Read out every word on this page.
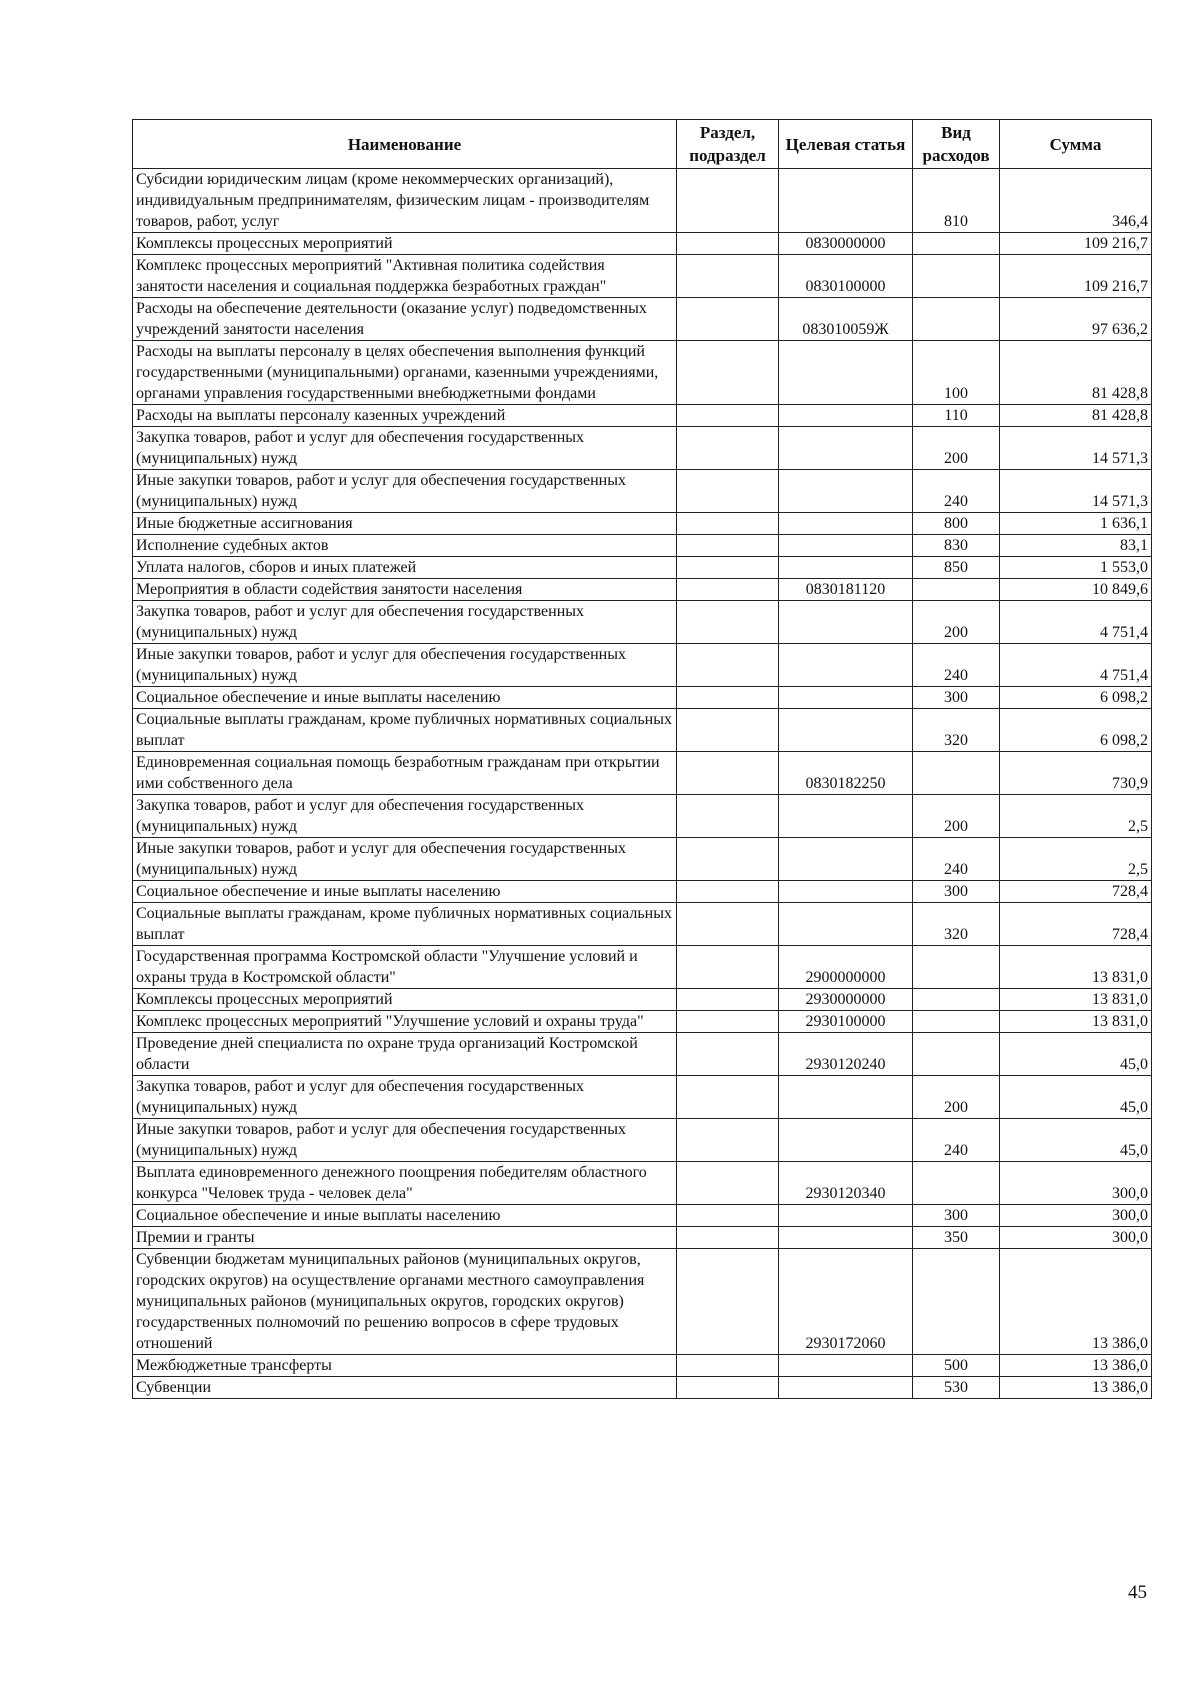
Наименование	Раздел, подраздел	Целевая статья	Вид расходов	Сумма
Субсидии юридическим лицам (кроме некоммерческих организаций), индивидуальным предпринимателям, физическим лицам - производителям товаров, работ, услуг			810	346,4
Комплексы процессных мероприятий		0830000000		109 216,7
Комплекс процессных мероприятий "Активная политика содействия занятости населения и социальная поддержка безработных граждан"		0830100000		109 216,7
Расходы на обеспечение деятельности (оказание услуг) подведомственных учреждений занятости населения		083010059Ж		97 636,2
Расходы на выплаты персоналу в целях обеспечения выполнения функций государственными (муниципальными) органами, казенными учреждениями, органами управления государственными внебюджетными фондами			100	81 428,8
Расходы на выплаты персоналу казенных учреждений			110	81 428,8
Закупка товаров, работ и услуг для обеспечения государственных (муниципальных) нужд			200	14 571,3
Иные закупки товаров, работ и услуг для обеспечения государственных (муниципальных) нужд			240	14 571,3
Иные бюджетные ассигнования			800	1 636,1
Исполнение судебных актов			830	83,1
Уплата налогов, сборов и иных платежей			850	1 553,0
Мероприятия в области содействия занятости населения		0830181120		10 849,6
Закупка товаров, работ и услуг для обеспечения государственных (муниципальных) нужд			200	4 751,4
Иные закупки товаров, работ и услуг для обеспечения государственных (муниципальных) нужд			240	4 751,4
Социальное обеспечение и иные выплаты населению			300	6 098,2
Социальные выплаты гражданам, кроме публичных нормативных социальных выплат			320	6 098,2
Единовременная социальная помощь безработным гражданам при открытии ими собственного дела		0830182250		730,9
Закупка товаров, работ и услуг для обеспечения государственных (муниципальных) нужд			200	2,5
Иные закупки товаров, работ и услуг для обеспечения государственных (муниципальных) нужд			240	2,5
Социальное обеспечение и иные выплаты населению			300	728,4
Социальные выплаты гражданам, кроме публичных нормативных социальных выплат			320	728,4
Государственная программа Костромской области "Улучшение условий и охраны труда в Костромской области"		2900000000		13 831,0
Комплексы процессных мероприятий		2930000000		13 831,0
Комплекс процессных мероприятий "Улучшение условий и охраны труда"		2930100000		13 831,0
Проведение дней специалиста по охране труда организаций Костромской области		2930120240		45,0
Закупка товаров, работ и услуг для обеспечения государственных (муниципальных) нужд			200	45,0
Иные закупки товаров, работ и услуг для обеспечения государственных (муниципальных) нужд			240	45,0
Выплата единовременного денежного поощрения победителям областного конкурса "Человек труда - человек дела"		2930120340		300,0
Социальное обеспечение и иные выплаты населению			300	300,0
Премии и гранты			350	300,0
Субвенции бюджетам муниципальных районов (муниципальных округов, городских округов) на осуществление органами местного самоуправления муниципальных районов (муниципальных округов, городских округов) государственных полномочий по решению вопросов в сфере трудовых отношений		2930172060		13 386,0
Межбюджетные трансферты			500	13 386,0
Субвенции			530	13 386,0
45
